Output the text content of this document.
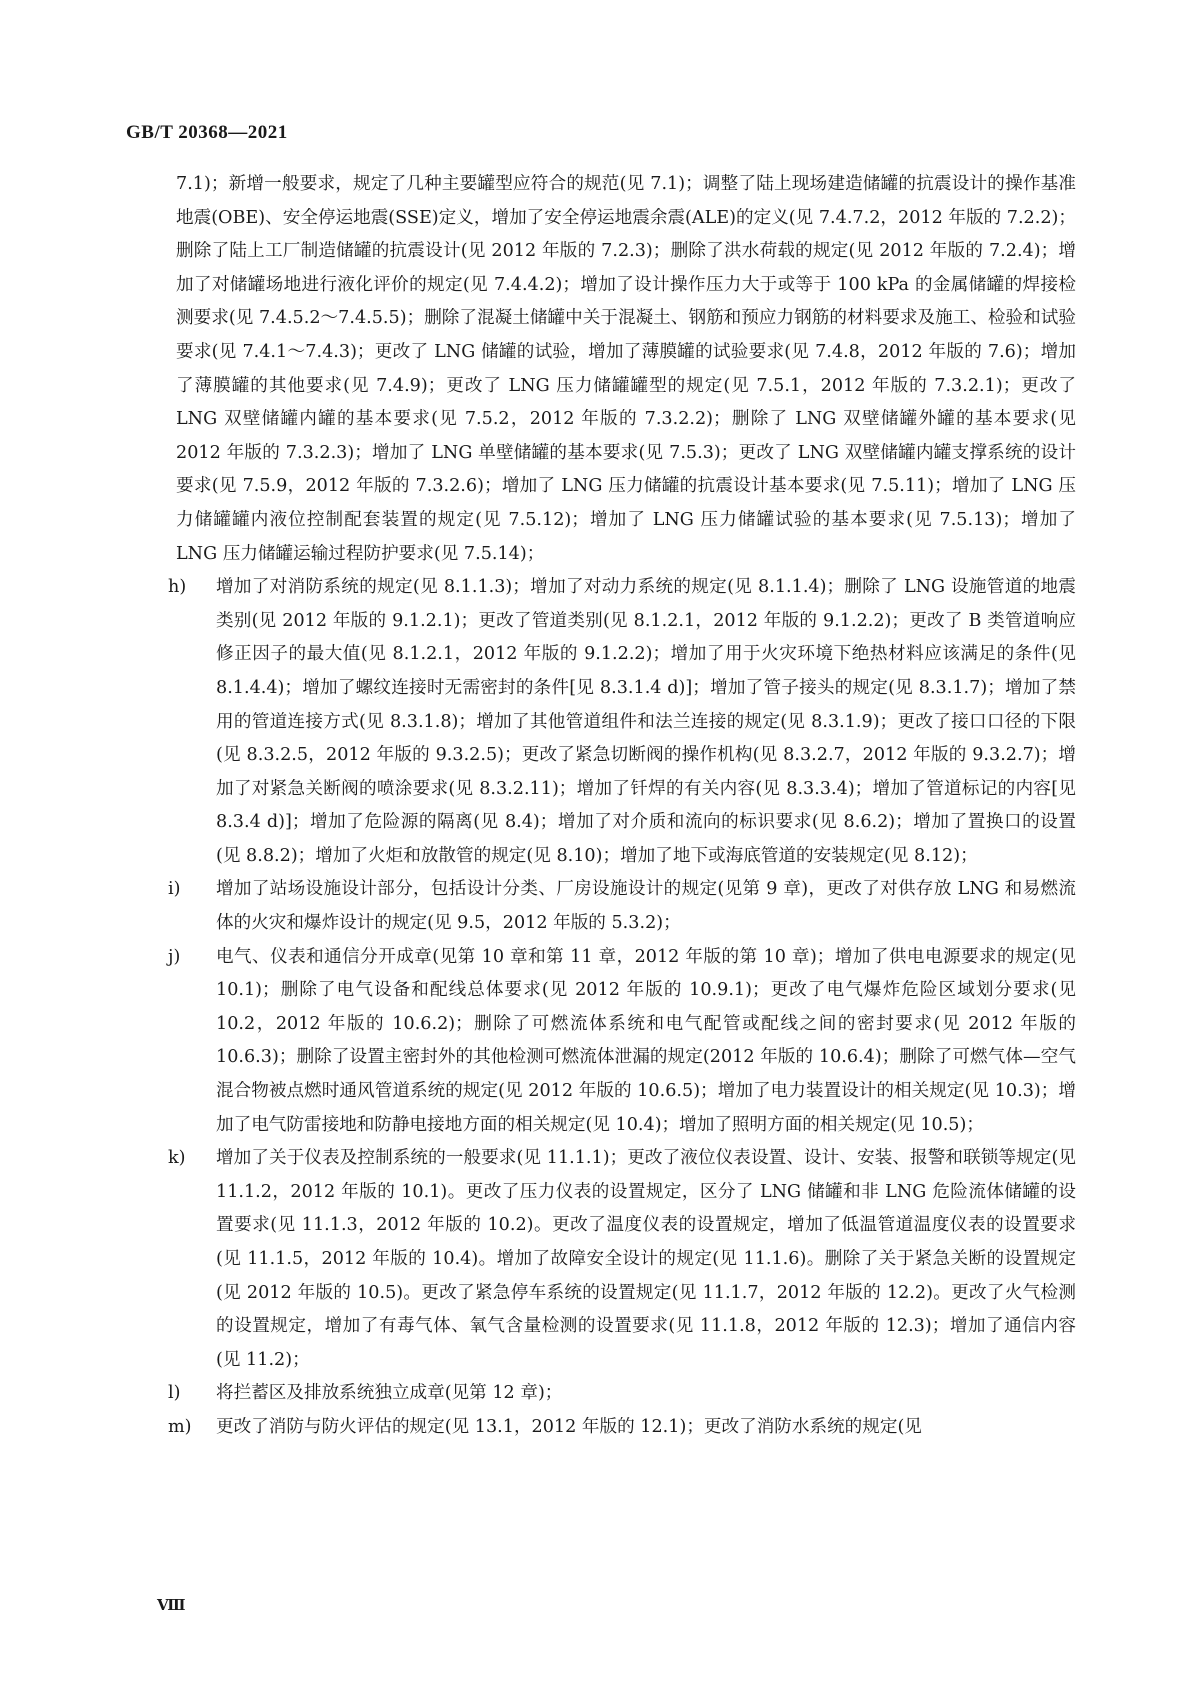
GB/T 20368—2021

7.1)；新增一般要求，规定了几种主要罐型应符合的规范(见 7.1)；调整了陆上现场建造储罐的抗震设计的操作基准地震(OBE)、安全停运地震(SSE)定义，增加了安全停运地震余震(ALE)的定义(见 7.4.7.2，2012 年版的 7.2.2)；删除了陆上工厂制造储罐的抗震设计(见 2012 年版的 7.2.3)；删除了洪水荷载的规定(见 2012 年版的 7.2.4)；增加了对储罐场地进行液化评价的规定(见 7.4.4.2)；增加了设计操作压力大于或等于 100 kPa 的金属储罐的焊接检测要求(见 7.4.5.2～7.4.5.5)；删除了混凝土储罐中关于混凝土、钢筋和预应力钢筋的材料要求及施工、检验和试验要求(见 7.4.1～7.4.3)；更改了 LNG 储罐的试验，增加了薄膜罐的试验要求(见 7.4.8，2012 年版的 7.6)；增加了薄膜罐的其他要求(见 7.4.9)；更改了 LNG 压力储罐罐型的规定(见 7.5.1，2012 年版的 7.3.2.1)；更改了 LNG 双壁储罐内罐的基本要求(见 7.5.2，2012 年版的 7.3.2.2)；删除了 LNG 双壁储罐外罐的基本要求(见 2012 年版的 7.3.2.3)；增加了 LNG 单壁储罐的基本要求(见 7.5.3)；更改了 LNG 双壁储罐内罐支撑系统的设计要求(见 7.5.9，2012 年版的 7.3.2.6)；增加了 LNG 压力储罐的抗震设计基本要求(见 7.5.11)；增加了 LNG 压力储罐罐内液位控制配套装置的规定(见 7.5.12)；增加了 LNG 压力储罐试验的基本要求(见 7.5.13)；增加了 LNG 压力储罐运输过程防护要求(见 7.5.14)；

h) 增加了对消防系统的规定(见 8.1.1.3)；增加了对动力系统的规定(见 8.1.1.4)；删除了 LNG 设施管道的地震类别(见 2012 年版的 9.1.2.1)；更改了管道类别(见 8.1.2.1，2012 年版的 9.1.2.2)；更改了 B 类管道响应修正因子的最大值(见 8.1.2.1，2012 年版的 9.1.2.2)；增加了用于火灾环境下绝热材料应该满足的条件(见 8.1.4.4)；增加了螺纹连接时无需密封的条件[见 8.3.1.4 d)]；增加了管子接头的规定(见 8.3.1.7)；增加了禁用的管道连接方式(见 8.3.1.8)；增加了其他管道组件和法兰连接的规定(见 8.3.1.9)；更改了接口口径的下限(见 8.3.2.5，2012 年版的 9.3.2.5)；更改了紧急切断阀的操作机构(见 8.3.2.7，2012 年版的 9.3.2.7)；增加了对紧急关断阀的喷涂要求(见 8.3.2.11)；增加了钎焊的有关内容(见 8.3.3.4)；增加了管道标记的内容[见 8.3.4 d)]；增加了危险源的隔离(见 8.4)；增加了对介质和流向的标识要求(见 8.6.2)；增加了置换口的设置(见 8.8.2)；增加了火炬和放散管的规定(见 8.10)；增加了地下或海底管道的安装规定(见 8.12)；
i) 增加了站场设施设计部分，包括设计分类、厂房设施设计的规定(见第 9 章)，更改了对供存放 LNG 和易燃流体的火灾和爆炸设计的规定(见 9.5，2012 年版的 5.3.2)；
j) 电气、仪表和通信分开成章(见第 10 章和第 11 章，2012 年版的第 10 章)；增加了供电电源要求的规定(见 10.1)；删除了电气设备和配线总体要求(见 2012 年版的 10.9.1)；更改了电气爆炸危险区域划分要求(见 10.2，2012 年版的 10.6.2)；删除了可燃流体系统和电气配管或配线之间的密封要求(见 2012 年版的 10.6.3)；删除了设置主密封外的其他检测可燃流体泄漏的规定(2012 年版的 10.6.4)；删除了可燃气体—空气混合物被点燃时通风管道系统的规定(见 2012 年版的 10.6.5)；增加了电力装置设计的相关规定(见 10.3)；增加了电气防雷接地和防静电接地方面的相关规定(见 10.4)；增加了照明方面的相关规定(见 10.5)；
k) 增加了关于仪表及控制系统的一般要求(见 11.1.1)；更改了液位仪表设置、设计、安装、报警和联锁等规定(见 11.1.2，2012 年版的 10.1)。更改了压力仪表的设置规定，区分了 LNG 储罐和非 LNG 危险流体储罐的设置要求(见 11.1.3，2012 年版的 10.2)。更改了温度仪表的设置规定，增加了低温管道温度仪表的设置要求(见 11.1.5，2012 年版的 10.4)。增加了故障安全设计的规定(见 11.1.6)。删除了关于紧急关断的设置规定(见 2012 年版的 10.5)。更改了紧急停车系统的设置规定(见 11.1.7，2012 年版的 12.2)。更改了火气检测的设置规定，增加了有毒气体、氧气含量检测的设置要求(见 11.1.8，2012 年版的 12.3)；增加了通信内容(见 11.2)；
l) 将拦蓄区及排放系统独立成章(见第 12 章)；
m) 更改了消防与防火评估的规定(见 13.1，2012 年版的 12.1)；更改了消防水系统的规定(见
Ⅷ
